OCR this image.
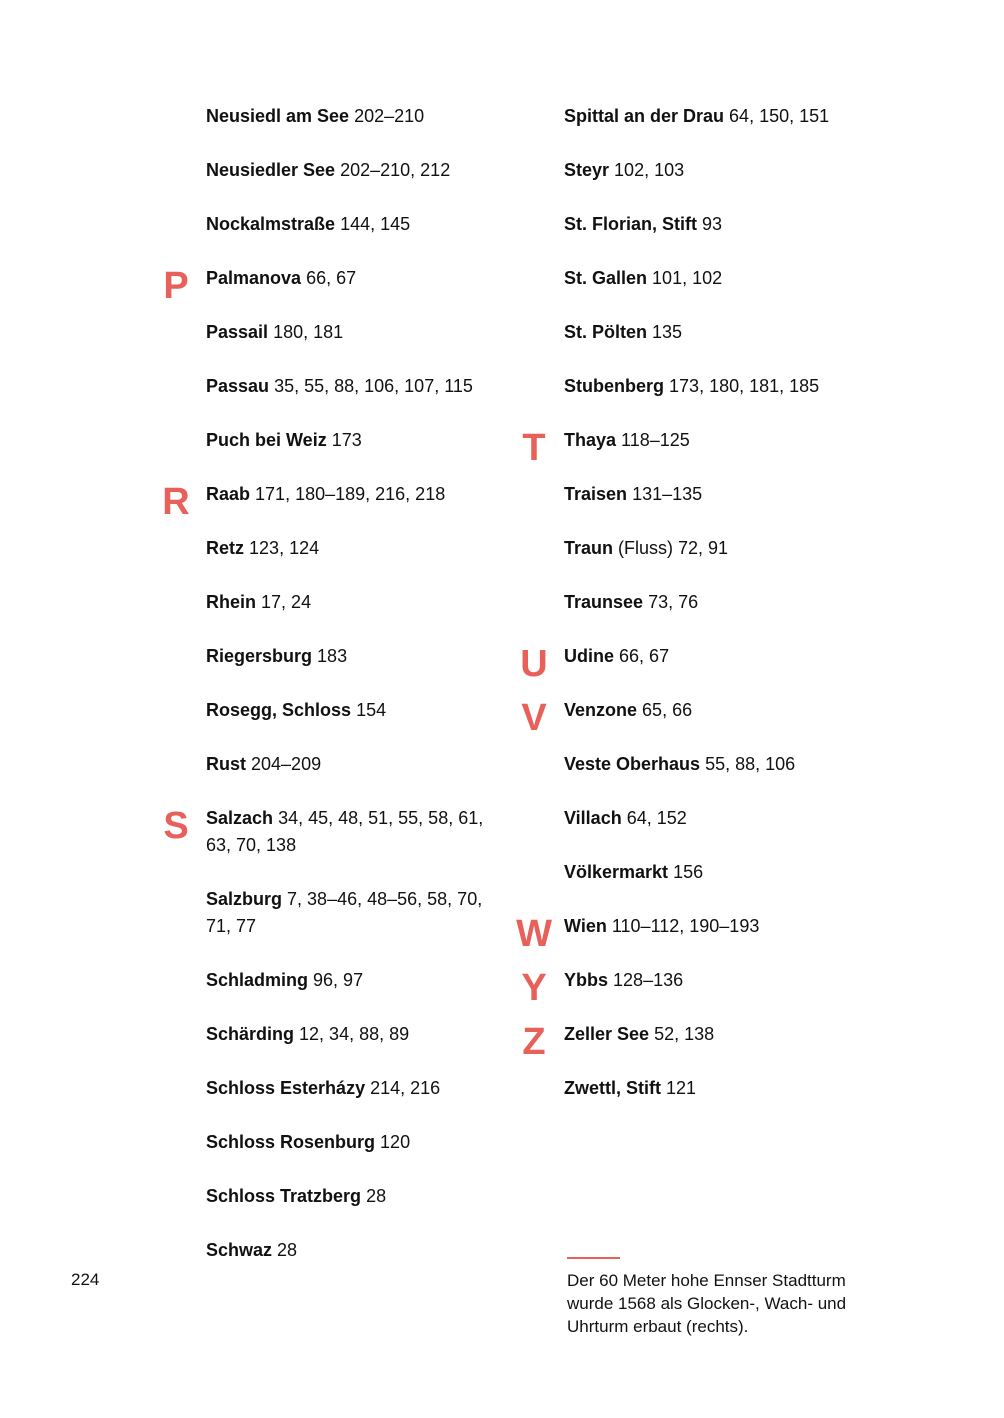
Neusiedl am See 202–210
Neusiedler See 202–210, 212
Nockalmstraße 144, 145
P Palmanova 66, 67
Passail 180, 181
Passau 35, 55, 88, 106, 107, 115
Puch bei Weiz 173
R Raab 171, 180–189, 216, 218
Retz 123, 124
Rhein 17, 24
Riegersburg 183
Rosegg, Schloss 154
Rust 204–209
S Salzach 34, 45, 48, 51, 55, 58, 61, 63, 70, 138
Salzburg 7, 38–46, 48–56, 58, 70, 71, 77
Schladming 96, 97
Schärding 12, 34, 88, 89
Schloss Esterházy 214, 216
Schloss Rosenburg 120
Schloss Tratzberg 28
Schwaz 28
Spittal an der Drau 64, 150, 151
Steyr 102, 103
St. Florian, Stift 93
St. Gallen 101, 102
St. Pölten 135
Stubenberg 173, 180, 181, 185
T	Thaya 118–125
Traisen 131–135
Traun (Fluss) 72, 91
Traunsee 73, 76
U Udine 66, 67
V Venzone 65, 66
Veste Oberhaus 55, 88, 106
Villach 64, 152
Völkermarkt 156
W Wien 110–112, 190–193
Y Ybbs 128–136
Z	Zeller See 52, 138
Zwettl, Stift 121
224	Der 60 Meter hohe Ennser Stadtturm wurde 1568 als Glocken-, Wach- und Uhrturm erbaut (rechts).
